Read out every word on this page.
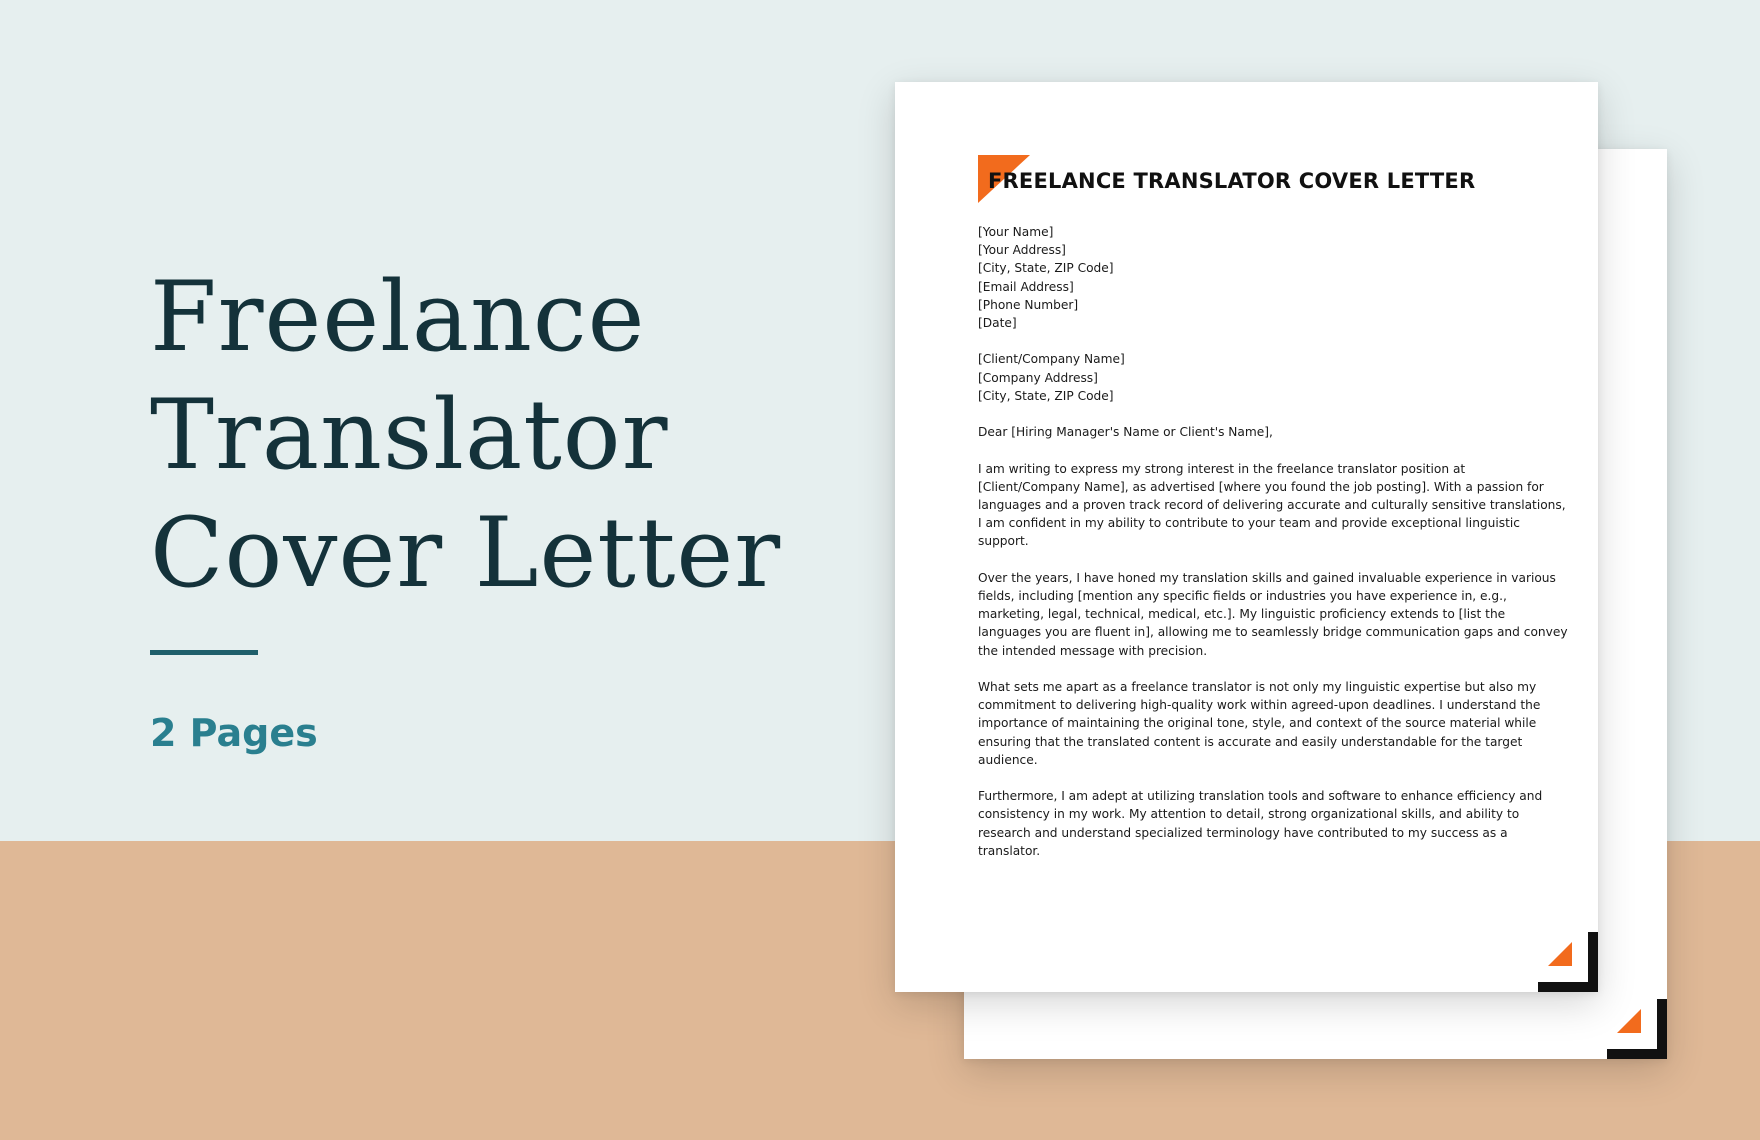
Freelance
Translator
Cover Letter
2 Pages
FREELANCE TRANSLATOR COVER LETTER
[Your Name]
[Your Address]
[City, State, ZIP Code]
[Email Address]
[Phone Number]
[Date]
[Client/Company Name]
[Company Address]
[City, State, ZIP Code]
Dear [Hiring Manager's Name or Client's Name],
I am writing to express my strong interest in the freelance translator position at
[Client/Company Name], as advertised [where you found the job posting]. With a passion for
languages and a proven track record of delivering accurate and culturally sensitive translations,
I am confident in my ability to contribute to your team and provide exceptional linguistic
support.
Over the years, I have honed my translation skills and gained invaluable experience in various
fields, including [mention any specific fields or industries you have experience in, e.g.,
marketing, legal, technical, medical, etc.]. My linguistic proficiency extends to [list the
languages you are fluent in], allowing me to seamlessly bridge communication gaps and convey
the intended message with precision.
What sets me apart as a freelance translator is not only my linguistic expertise but also my
commitment to delivering high-quality work within agreed-upon deadlines. I understand the
importance of maintaining the original tone, style, and context of the source material while
ensuring that the translated content is accurate and easily understandable for the target
audience.
Furthermore, I am adept at utilizing translation tools and software to enhance efficiency and
consistency in my work. My attention to detail, strong organizational skills, and ability to
research and understand specialized terminology have contributed to my success as a
translator.
